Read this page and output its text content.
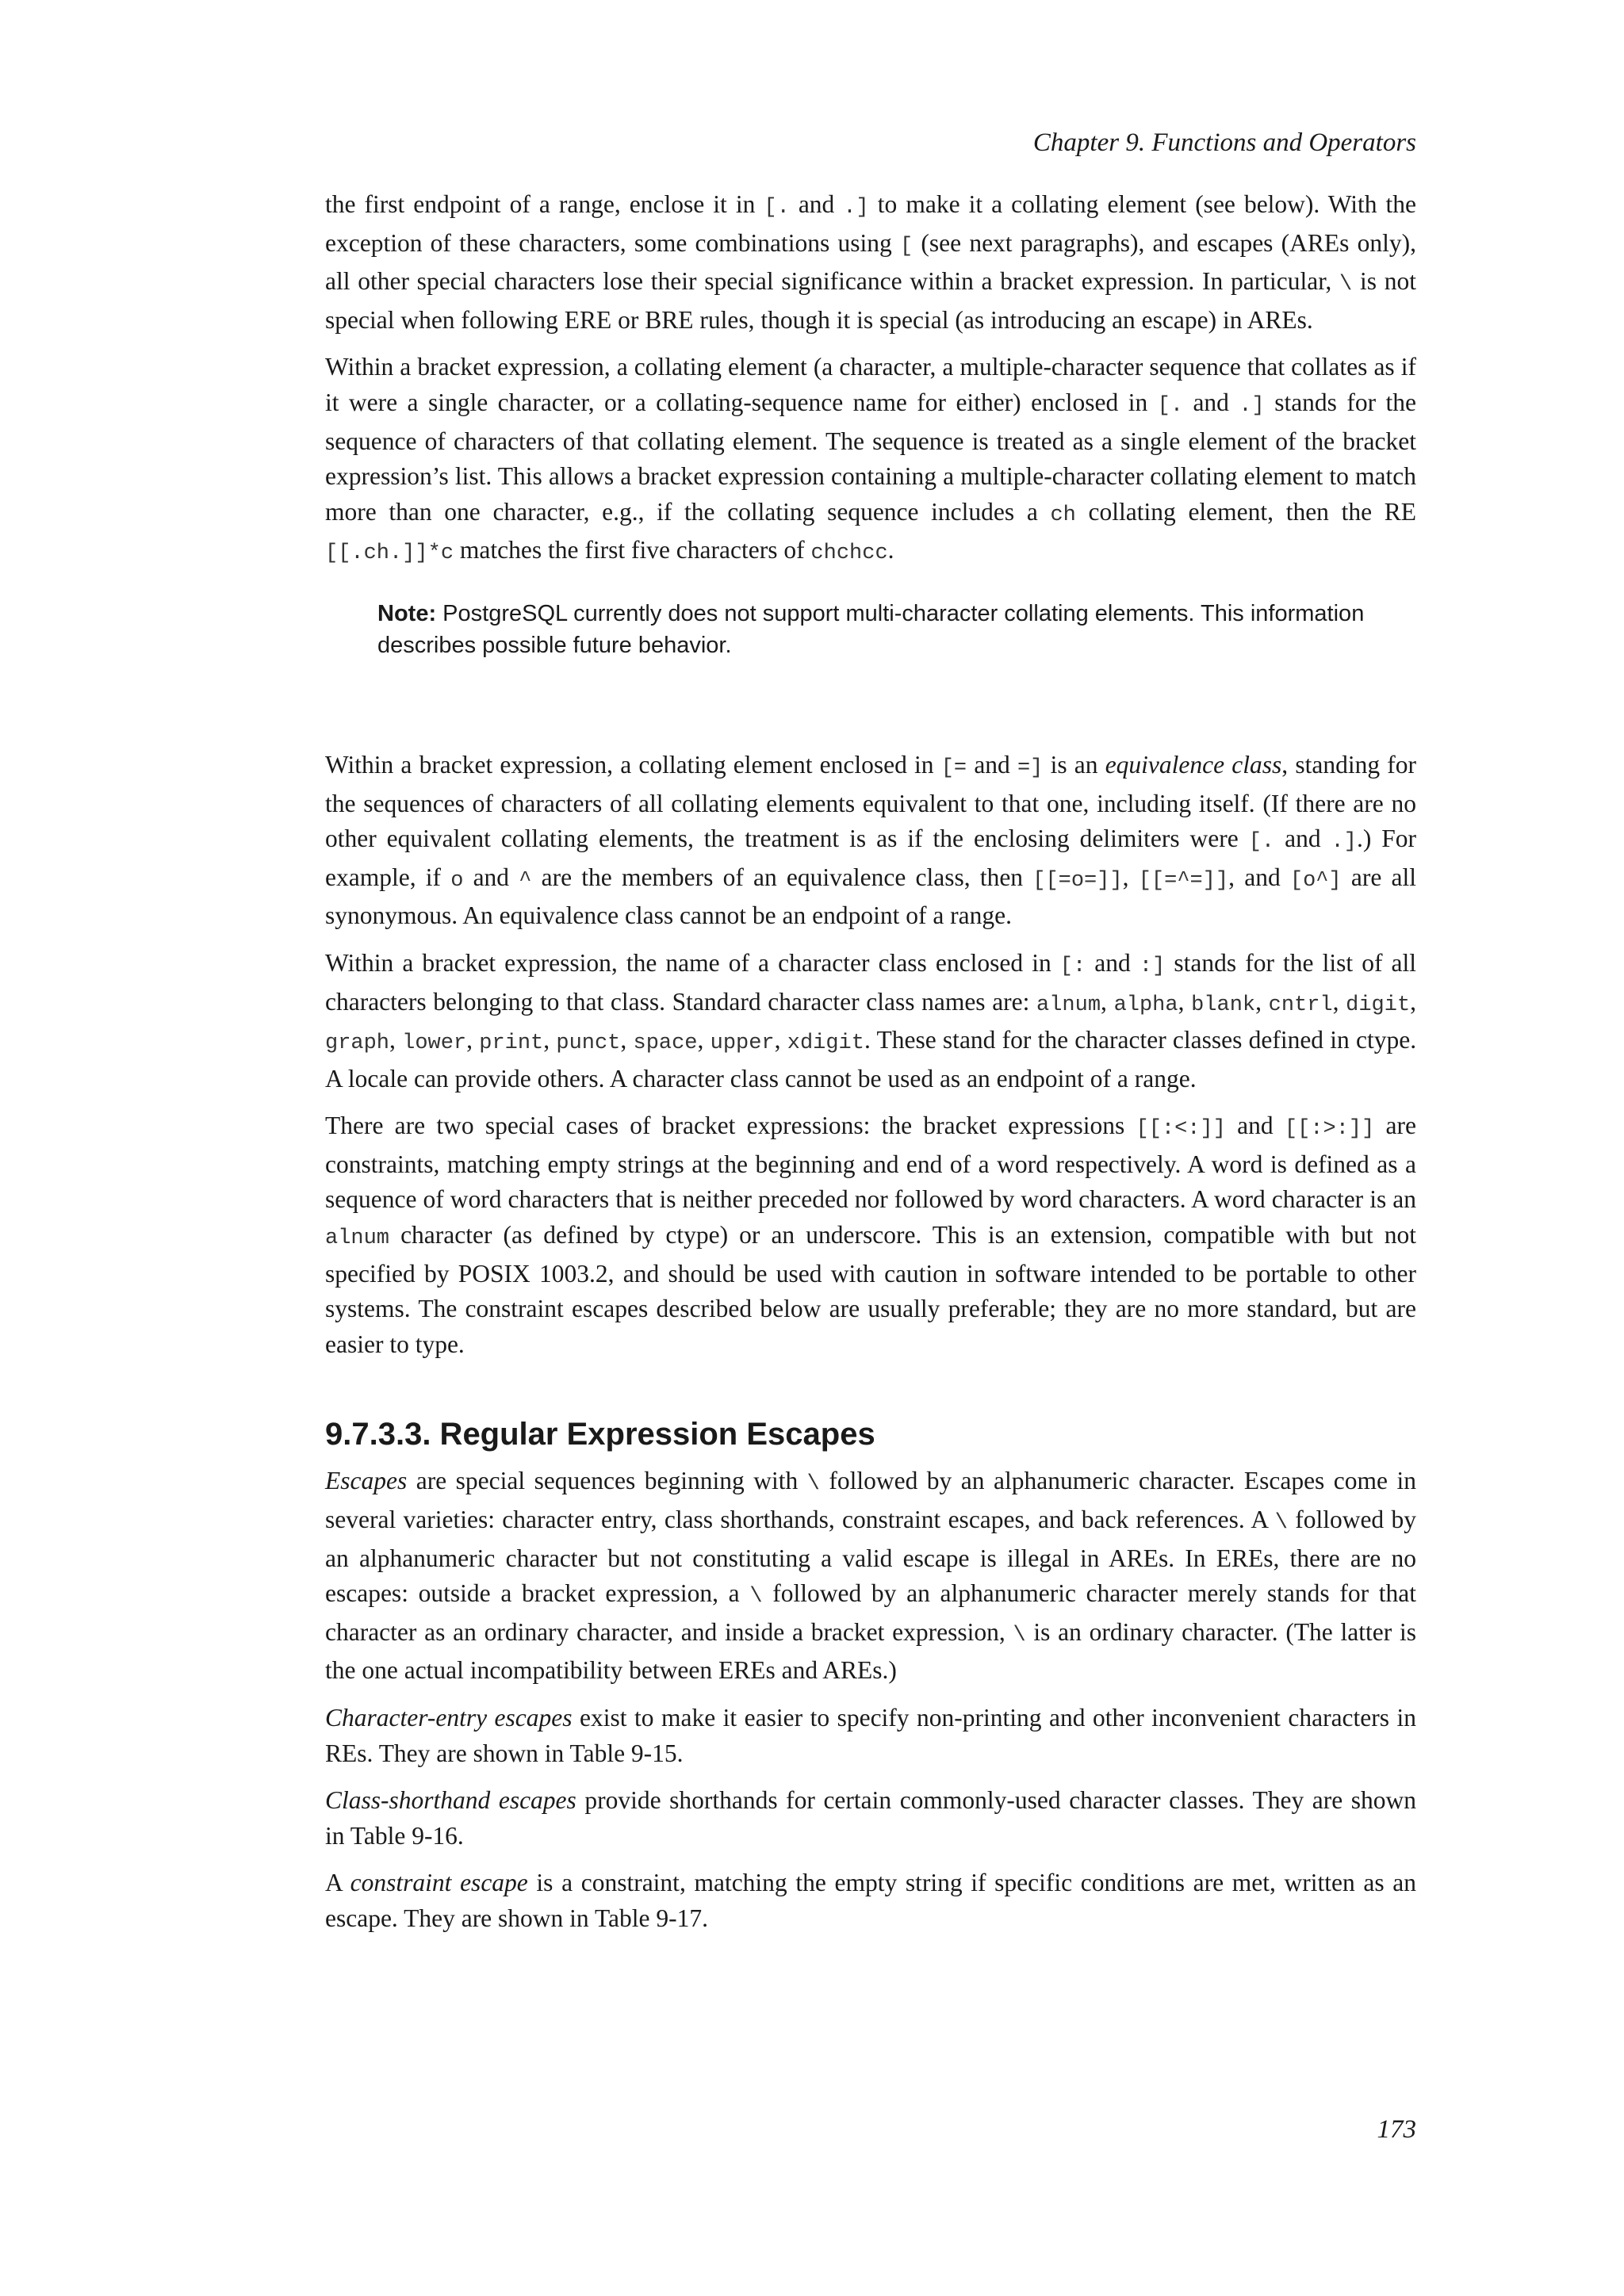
Chapter 9. Functions and Operators

the first endpoint of a range, enclose it in [. and .] to make it a collating element (see below). With the exception of these characters, some combinations using [ (see next paragraphs), and escapes (AREs only), all other special characters lose their special significance within a bracket expression. In particular, \ is not special when following ERE or BRE rules, though it is special (as introducing an escape) in AREs.

Within a bracket expression, a collating element (a character, a multiple-character sequence that collates as if it were a single character, or a collating-sequence name for either) enclosed in [. and .] stands for the sequence of characters of that collating element. The sequence is treated as a single element of the bracket expression’s list. This allows a bracket expression containing a multiple-character collating element to match more than one character, e.g., if the collating sequence includes a ch collating element, then the RE [[.ch.]]*c matches the first five characters of chchcc.

Note: PostgreSQL currently does not support multi-character collating elements. This information describes possible future behavior.

Within a bracket expression, a collating element enclosed in [= and =] is an equivalence class, standing for the sequences of characters of all collating elements equivalent to that one, including itself. (If there are no other equivalent collating elements, the treatment is as if the enclosing delimiters were [. and .].) For example, if o and ^ are the members of an equivalence class, then [[=o=]], [[=^=]], and [o^] are all synonymous. An equivalence class cannot be an endpoint of a range.

Within a bracket expression, the name of a character class enclosed in [: and :] stands for the list of all characters belonging to that class. Standard character class names are: alnum, alpha, blank, cntrl, digit, graph, lower, print, punct, space, upper, xdigit. These stand for the character classes defined in ctype. A locale can provide others. A character class cannot be used as an endpoint of a range.

There are two special cases of bracket expressions: the bracket expressions [[:<:]] and [[:>:]] are constraints, matching empty strings at the beginning and end of a word respectively. A word is defined as a sequence of word characters that is neither preceded nor followed by word characters. A word character is an alnum character (as defined by ctype) or an underscore. This is an extension, compatible with but not specified by POSIX 1003.2, and should be used with caution in software intended to be portable to other systems. The constraint escapes described below are usually preferable; they are no more standard, but are easier to type.

9.7.3.3. Regular Expression Escapes

Escapes are special sequences beginning with \ followed by an alphanumeric character. Escapes come in several varieties: character entry, class shorthands, constraint escapes, and back references. A \ followed by an alphanumeric character but not constituting a valid escape is illegal in AREs. In EREs, there are no escapes: outside a bracket expression, a \ followed by an alphanumeric character merely stands for that character as an ordinary character, and inside a bracket expression, \ is an ordinary character. (The latter is the one actual incompatibility between EREs and AREs.)

Character-entry escapes exist to make it easier to specify non-printing and other inconvenient characters in REs. They are shown in Table 9-15.

Class-shorthand escapes provide shorthands for certain commonly-used character classes. They are shown in Table 9-16.

A constraint escape is a constraint, matching the empty string if specific conditions are met, written as an escape. They are shown in Table 9-17.

173
